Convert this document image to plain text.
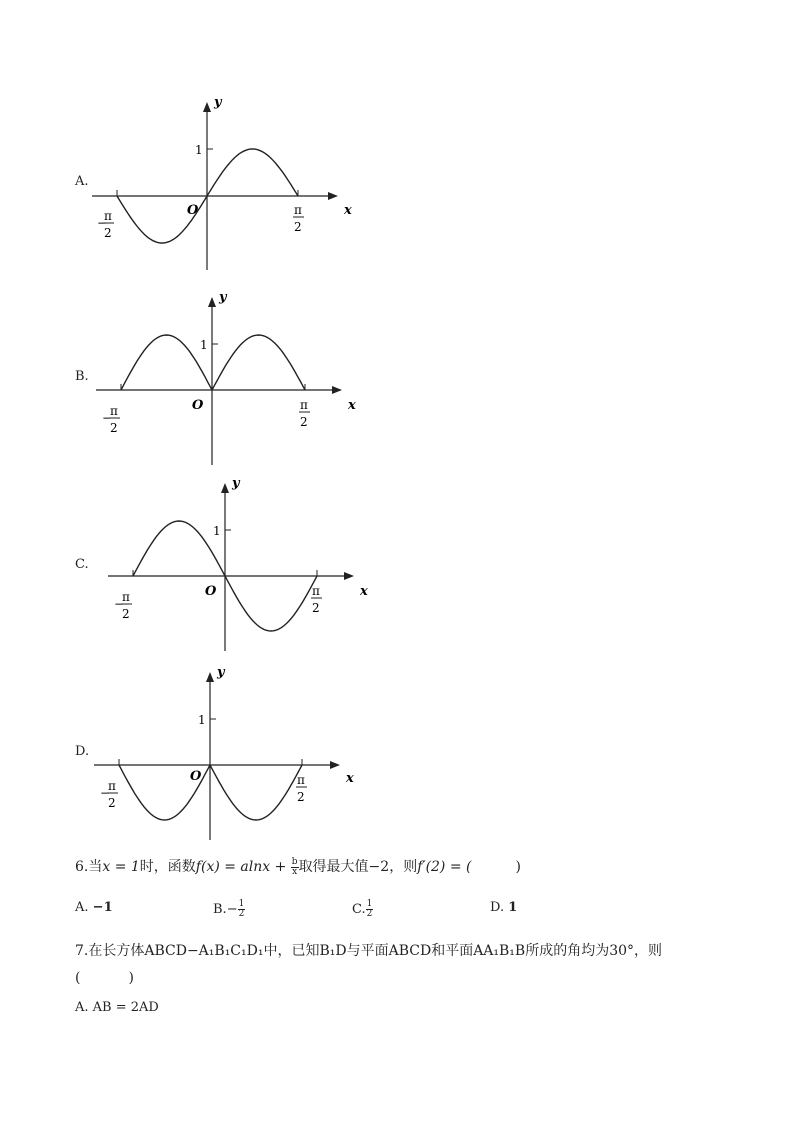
A.
y
x
O
1
−
π
2
π
2
B.
y
x
O
1
−
π
2
π
2
C.
y
x
O
1
−
π
2
π
2
D.
y
x
O
1
−
π
2
π
2
6.当x = 1时，函数$f(x) = alnx + \frac{b}{x}$ 取得最大值−2，则f′(2) = (	)
A. −1	$B.- \frac{1}{2}$	C. $\frac{1}{2}$	D. 1
7.在长方体ABCD−A₁B₁C₁D₁中，已知B₁D与平面ABCD和平面AA₁B₁B所成的角均为30°，则
(	)
A. AB = 2AD
